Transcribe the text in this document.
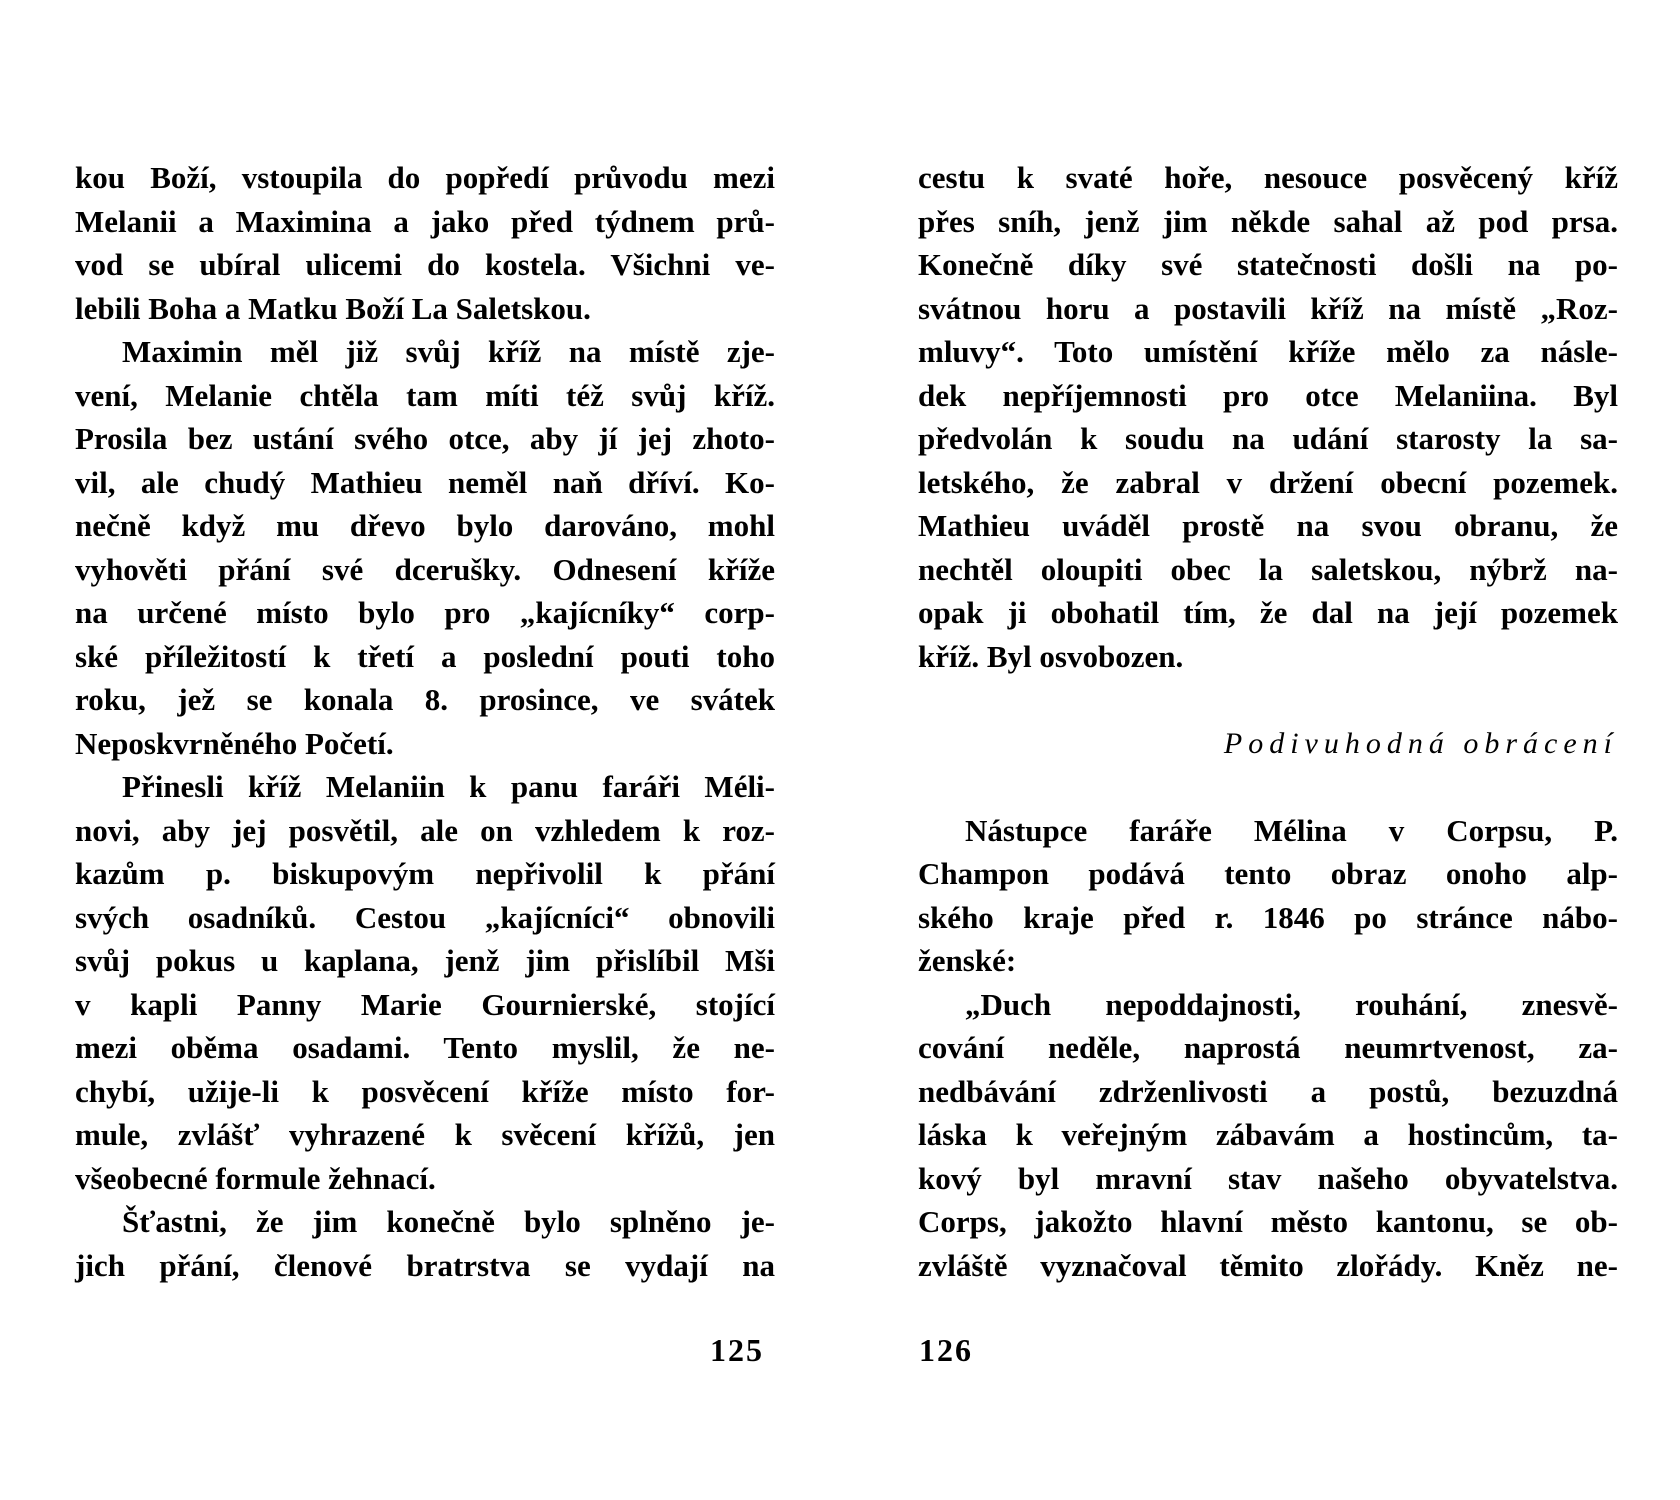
kou Boží, vstoupila do popředí průvodu mezi
Melanii a Maximina a jako před týdnem prů-
vod se ubíral ulicemi do kostela. Všichni ve-
lebili Boha a Matku Boží La Saletskou.
Maximin měl již svůj kříž na místě zje-
vení, Melanie chtěla tam míti též svůj kříž.
Prosila bez ustání svého otce, aby jí jej zhoto-
vil, ale chudý Mathieu neměl naň dříví. Ko-
nečně když mu dřevo bylo darováno, mohl
vyhověti přání své dcerušky. Odnesení kříže
na určené místo bylo pro „kajícníky“ corp-
ské příležitostí k třetí a poslední pouti toho
roku, jež se konala 8. prosince, ve svátek
Neposkvrněného Početí.
Přinesli kříž Melaniin k panu faráři Méli-
novi, aby jej posvětil, ale on vzhledem k roz-
kazům p. biskupovým nepřivolil k přání
svých osadníků. Cestou „kajícníci“ obnovili
svůj pokus u kaplana, jenž jim přislíbil Mši
v kapli Panny Marie Gournierské, stojící
mezi oběma osadami. Tento myslil, že ne-
chybí, užije-li k posvěcení kříže místo for-
mule, zvlášť vyhrazené k svěcení křížů, jen
všeobecné formule žehnací.
Šťastni, že jim konečně bylo splněno je-
jich přání, členové bratrstva se vydají na
cestu k svaté hoře, nesouce posvěcený kříž
přes sníh, jenž jim někde sahal až pod prsa.
Konečně díky své statečnosti došli na po-
svátnou horu a postavili kříž na místě „Roz-
mluvy“. Toto umístění kříže mělo za násle-
dek nepříjemnosti pro otce Melaniina. Byl
předvolán k soudu na udání starosty la sa-
letského, že zabral v držení obecní pozemek.
Mathieu uváděl prostě na svou obranu, že
nechtěl oloupiti obec la saletskou, nýbrž na-
opak ji obohatil tím, že dal na její pozemek
kříž. Byl osvobozen.
Podivuhodná obrácení
Nástupce faráře Mélina v Corpsu, P.
Champon podává tento obraz onoho alp-
ského kraje před r. 1846 po stránce nábo-
ženské:
„Duch nepoddajnosti, rouhání, znesvě-
cování neděle, naprostá neumrtvenost, za-
nedbávání zdrženlivosti a postů, bezuzdná
láska k veřejným zábavám a hostincům, ta-
kový byl mravní stav našeho obyvatelstva.
Corps, jakožto hlavní město kantonu, se ob-
zvláště vyznačoval těmito zlořády. Kněz ne-
125	126
